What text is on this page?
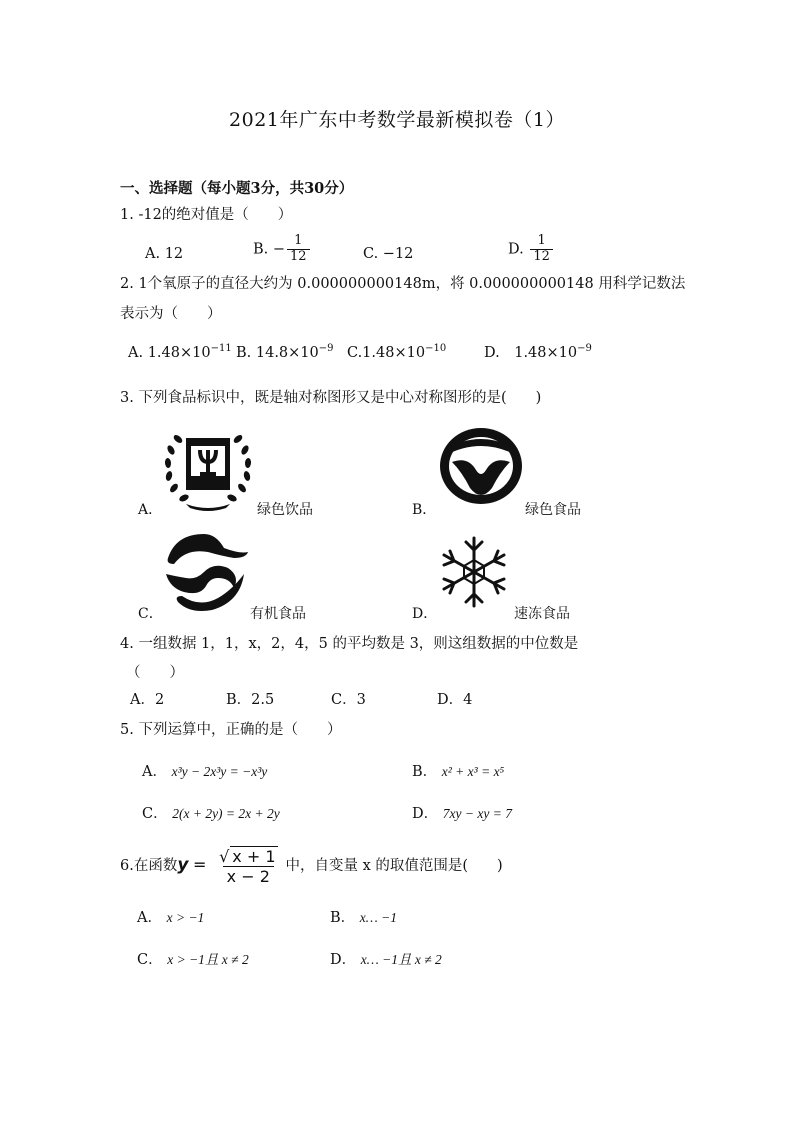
2021年广东中考数学最新模拟卷（1）
一、选择题（每小题3分，共30分）
1. -12的绝对值是（　　）
A. 12	B. − $\frac{1}{12}$	C. −12	D. $\frac{1}{12}$
2. 1个氧原子的直径大约为 0.000000000148m，将 0.000000000148 用科学记数法
表示为（　　）
A. $1.48\times 10^{-11}$ B. $14.8\times 10^{-9}$ $C.1.48\times 10^{-10}$	D.　$1.48\times 10^{-9}$
3. 下列食品标识中，既是轴对称图形又是中心对称图形的是(　　)
A．	绿色饮品	B．	绿色食品
C．	有机食品	D．	速冻食品
4. 一组数据 1，1，x，2，4，5 的平均数是 3，则这组数据的中位数是
（　　）
A．2	B．2.5	C．3	D．4
5. 下列运算中，正确的是（　　）
A． x³y − 2x³y = −x³y	B． x² + x³ = x⁵
C． 2(x + 2y) = 2x + 2y	D． 7xy − xy = 7
6.在函数$y = \frac{√ x + 1}{x - 2}$ 中，自变量 x 的取值范围是(　　)
A． x > −1	B． x… −1
C． x > −1且 x ≠ 2	D． x… −1且 x ≠ 2
